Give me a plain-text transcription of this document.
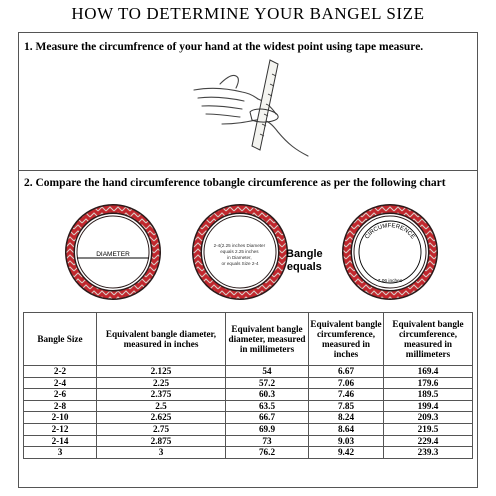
HOW TO DETERMINE YOUR BANGEL SIZE
1. Measure the circumfrence of your hand at the widest point using tape measure.
2. Compare the hand circumference tobangle circumference as per the following chart
DIAMETER
2-4(2.25 inches Diameter equals 2.25 inches in Diameter, or equals Size 2-4
CIRCUMFERENCE
7.06 inches
Bangle
equals
Bangle Size	Equivalent bangle diameter, measured in inches	Equivalent bangle diameter, measured in millimeters	Equivalent bangle circumference, measured in inches	Equivalent bangle circumference, measured in millimeters
2-2	2.125	54	6.67	169.4
2-4	2.25	57.2	7.06	179.6
2-6	2.375	60.3	7.46	189.5
2-8	2.5	63.5	7.85	199.4
2-10	2.625	66.7	8.24	209.3
2-12	2.75	69.9	8.64	219.5
2-14	2.875	73	9.03	229.4
3	3	76.2	9.42	239.3
